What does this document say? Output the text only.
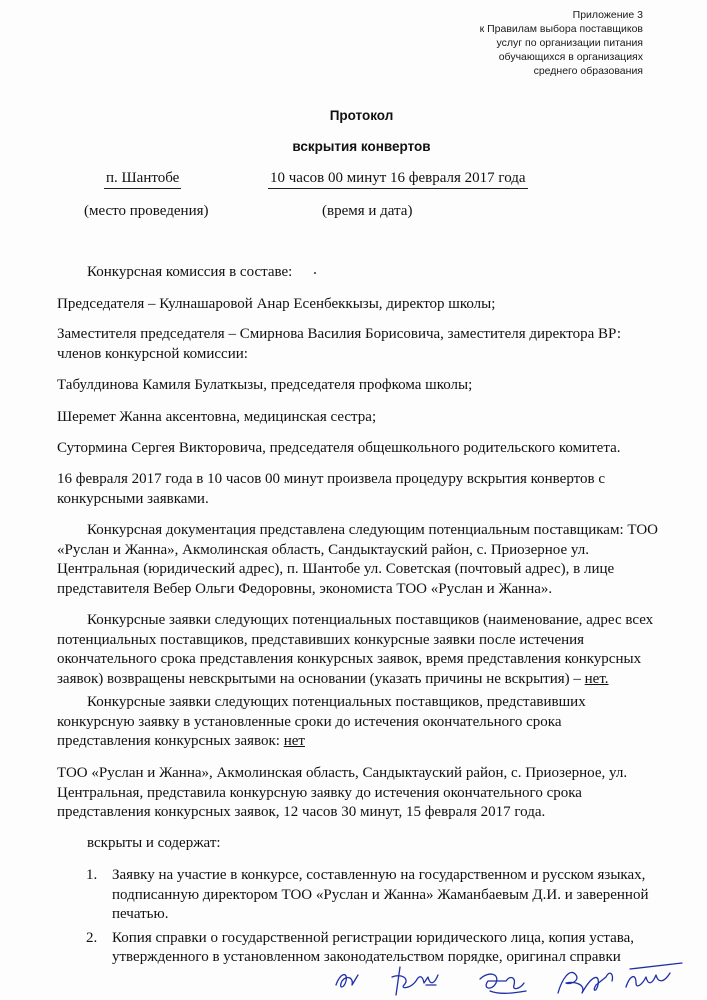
Приложение 3
к Правилам выбора поставщиков
услуг по организации питания
обучающихся в организациях
среднего образования
Протокол
вскрытия конвертов
п. Шантобе	10 часов 00 минут 16 февраля 2017 года
(место проведения)	(время и дата)
Конкурсная комиссия в составе:
Председателя – Кулнашаровой Анар Есенбеккызы, директор школы;
Заместителя председателя – Смирнова Василия Борисовича, заместителя директора ВР:
членов конкурсной комиссии:
Табулдинова Камиля Булаткызы, председателя профкома школы;
Шеремет Жанна аксентовна, медицинская сестра;
Сутормина Сергея Викторовича, председателя общешкольного родительского комитета.
16 февраля 2017 года в 10 часов 00 минут произвела процедуру вскрытия конвертов с
конкурсными заявками.
Конкурсная документация представлена следующим потенциальным поставщикам: ТОО
«Руслан и Жанна», Акмолинская область, Сандыктауский район, с. Приозерное ул.
Центральная (юридический адрес), п. Шантобе ул. Советская (почтовый адрес), в лице
представителя Вебер Ольги Федоровны, экономиста ТОО «Руслан и Жанна».
Конкурсные заявки следующих потенциальных поставщиков (наименование, адрес всех
потенциальных поставщиков, представивших конкурсные заявки после истечения
окончательного срока представления конкурсных заявок, время представления конкурсных
заявок) возвращены невскрытыми на основании (указать причины не вскрытия) – нет.
Конкурсные заявки следующих потенциальных поставщиков, представивших
конкурсную заявку в установленные сроки до истечения окончательного срока
представления конкурсных заявок: нет
ТОО «Руслан и Жанна», Акмолинская область, Сандыктауский район, с. Приозерное, ул.
Центральная, представила конкурсную заявку до истечения окончательного срока
представления конкурсных заявок, 12 часов 30 минут, 15 февраля 2017 года.
вскрыты и содержат:
1. Заявку на участие в конкурсе, составленную на государственном и русском языках,
подписанную директором ТОО «Руслан и Жанна» Жаманбаевым Д.И. и заверенной
печатью.
2. Копия справки о государственной регистрации юридического лица, копия устава,
утвержденного в установленном законодательством порядке, оригинал справки
